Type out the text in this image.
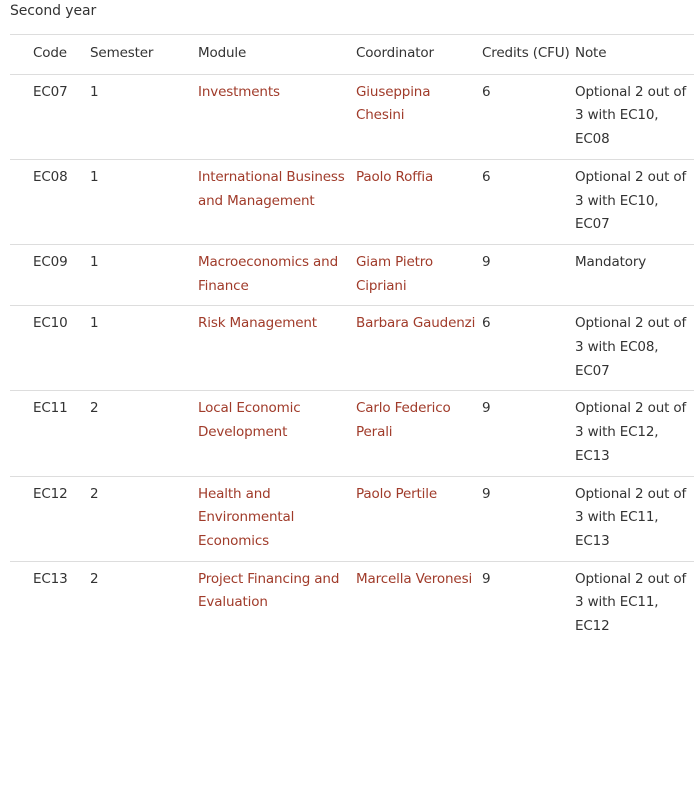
Second year
Code	Semester	Module	Coordinator	Credits (CFU)	Note
EC07	1	Investments	Giuseppina Chesini	6	Optional 2 out of 3 with EC10, EC08
EC08	1	International Business and Management	Paolo Roffia	6	Optional 2 out of 3 with EC10, EC07
EC09	1	Macroeconomics and Finance	Giam Pietro Cipriani	9	Mandatory
EC10	1	Risk Management	Barbara Gaudenzi	6	Optional 2 out of 3 with EC08, EC07
EC11	2	Local Economic Development	Carlo Federico Perali	9	Optional 2 out of 3 with EC12, EC13
EC12	2	Health and Environmental Economics	Paolo Pertile	9	Optional 2 out of 3 with EC11, EC13
EC13	2	Project Financing and Evaluation	Marcella Veronesi	9	Optional 2 out of 3 with EC11, EC12
